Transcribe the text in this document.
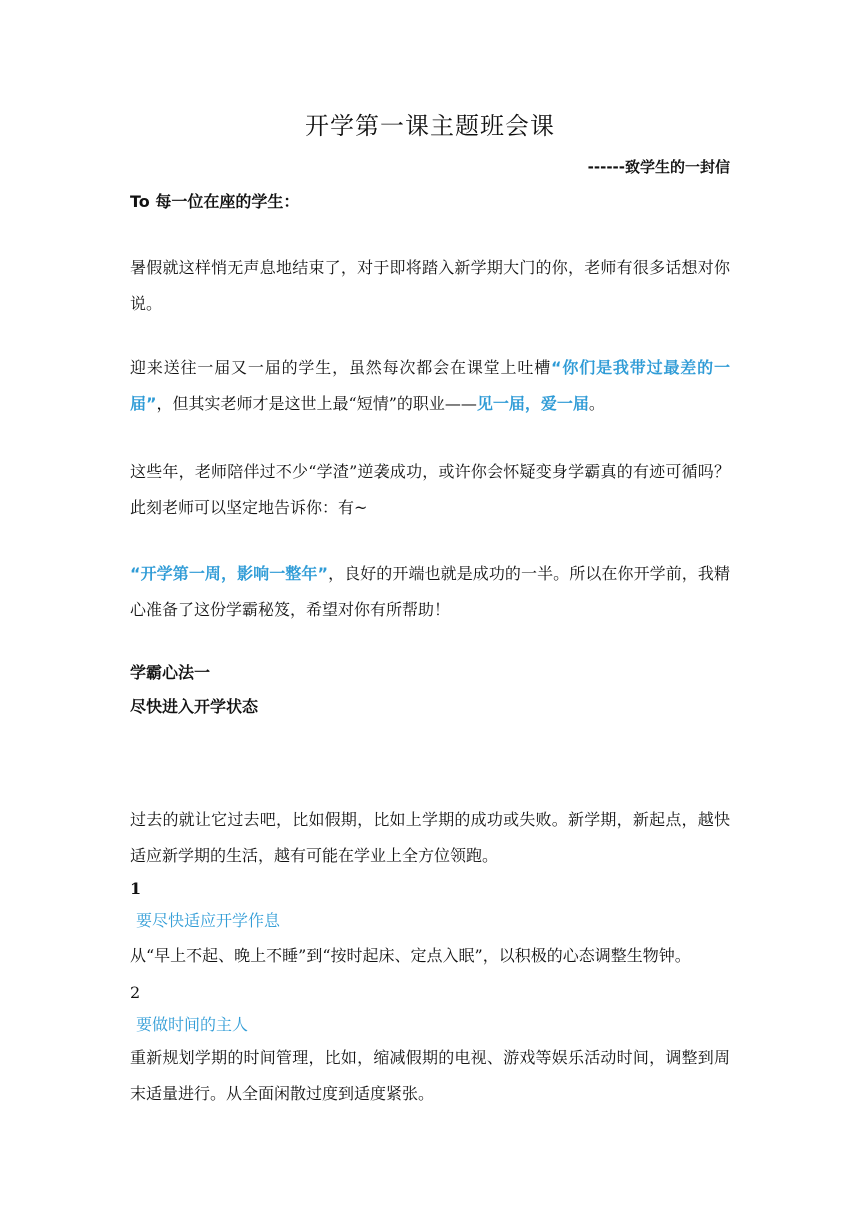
开学第一课主题班会课
------致学生的一封信
To 每一位在座的学生：
暑假就这样悄无声息地结束了，对于即将踏入新学期大门的你，老师有很多话想对你说。
迎来送往一届又一届的学生，虽然每次都会在课堂上吐槽“你们是我带过最差的一届”，但其实老师才是这世上最“短情”的职业——见一届，爱一届。
这些年，老师陪伴过不少“学渣”逆袭成功，或许你会怀疑变身学霸真的有迹可循吗？此刻老师可以坚定地告诉你：有~
“开学第一周，影响一整年”，良好的开端也就是成功的一半。所以在你开学前，我精心准备了这份学霸秘笈，希望对你有所帮助！
学霸心法一
尽快进入开学状态
过去的就让它过去吧，比如假期，比如上学期的成功或失败。新学期，新起点，越快适应新学期的生活，越有可能在学业上全方位领跑。
1
要尽快适应开学作息
从“早上不起、晚上不睡”到“按时起床、定点入眠”，以积极的心态调整生物钟。
2
要做时间的主人
重新规划学期的时间管理，比如，缩减假期的电视、游戏等娱乐活动时间，调整到周末适量进行。从全面闲散过度到适度紧张。
